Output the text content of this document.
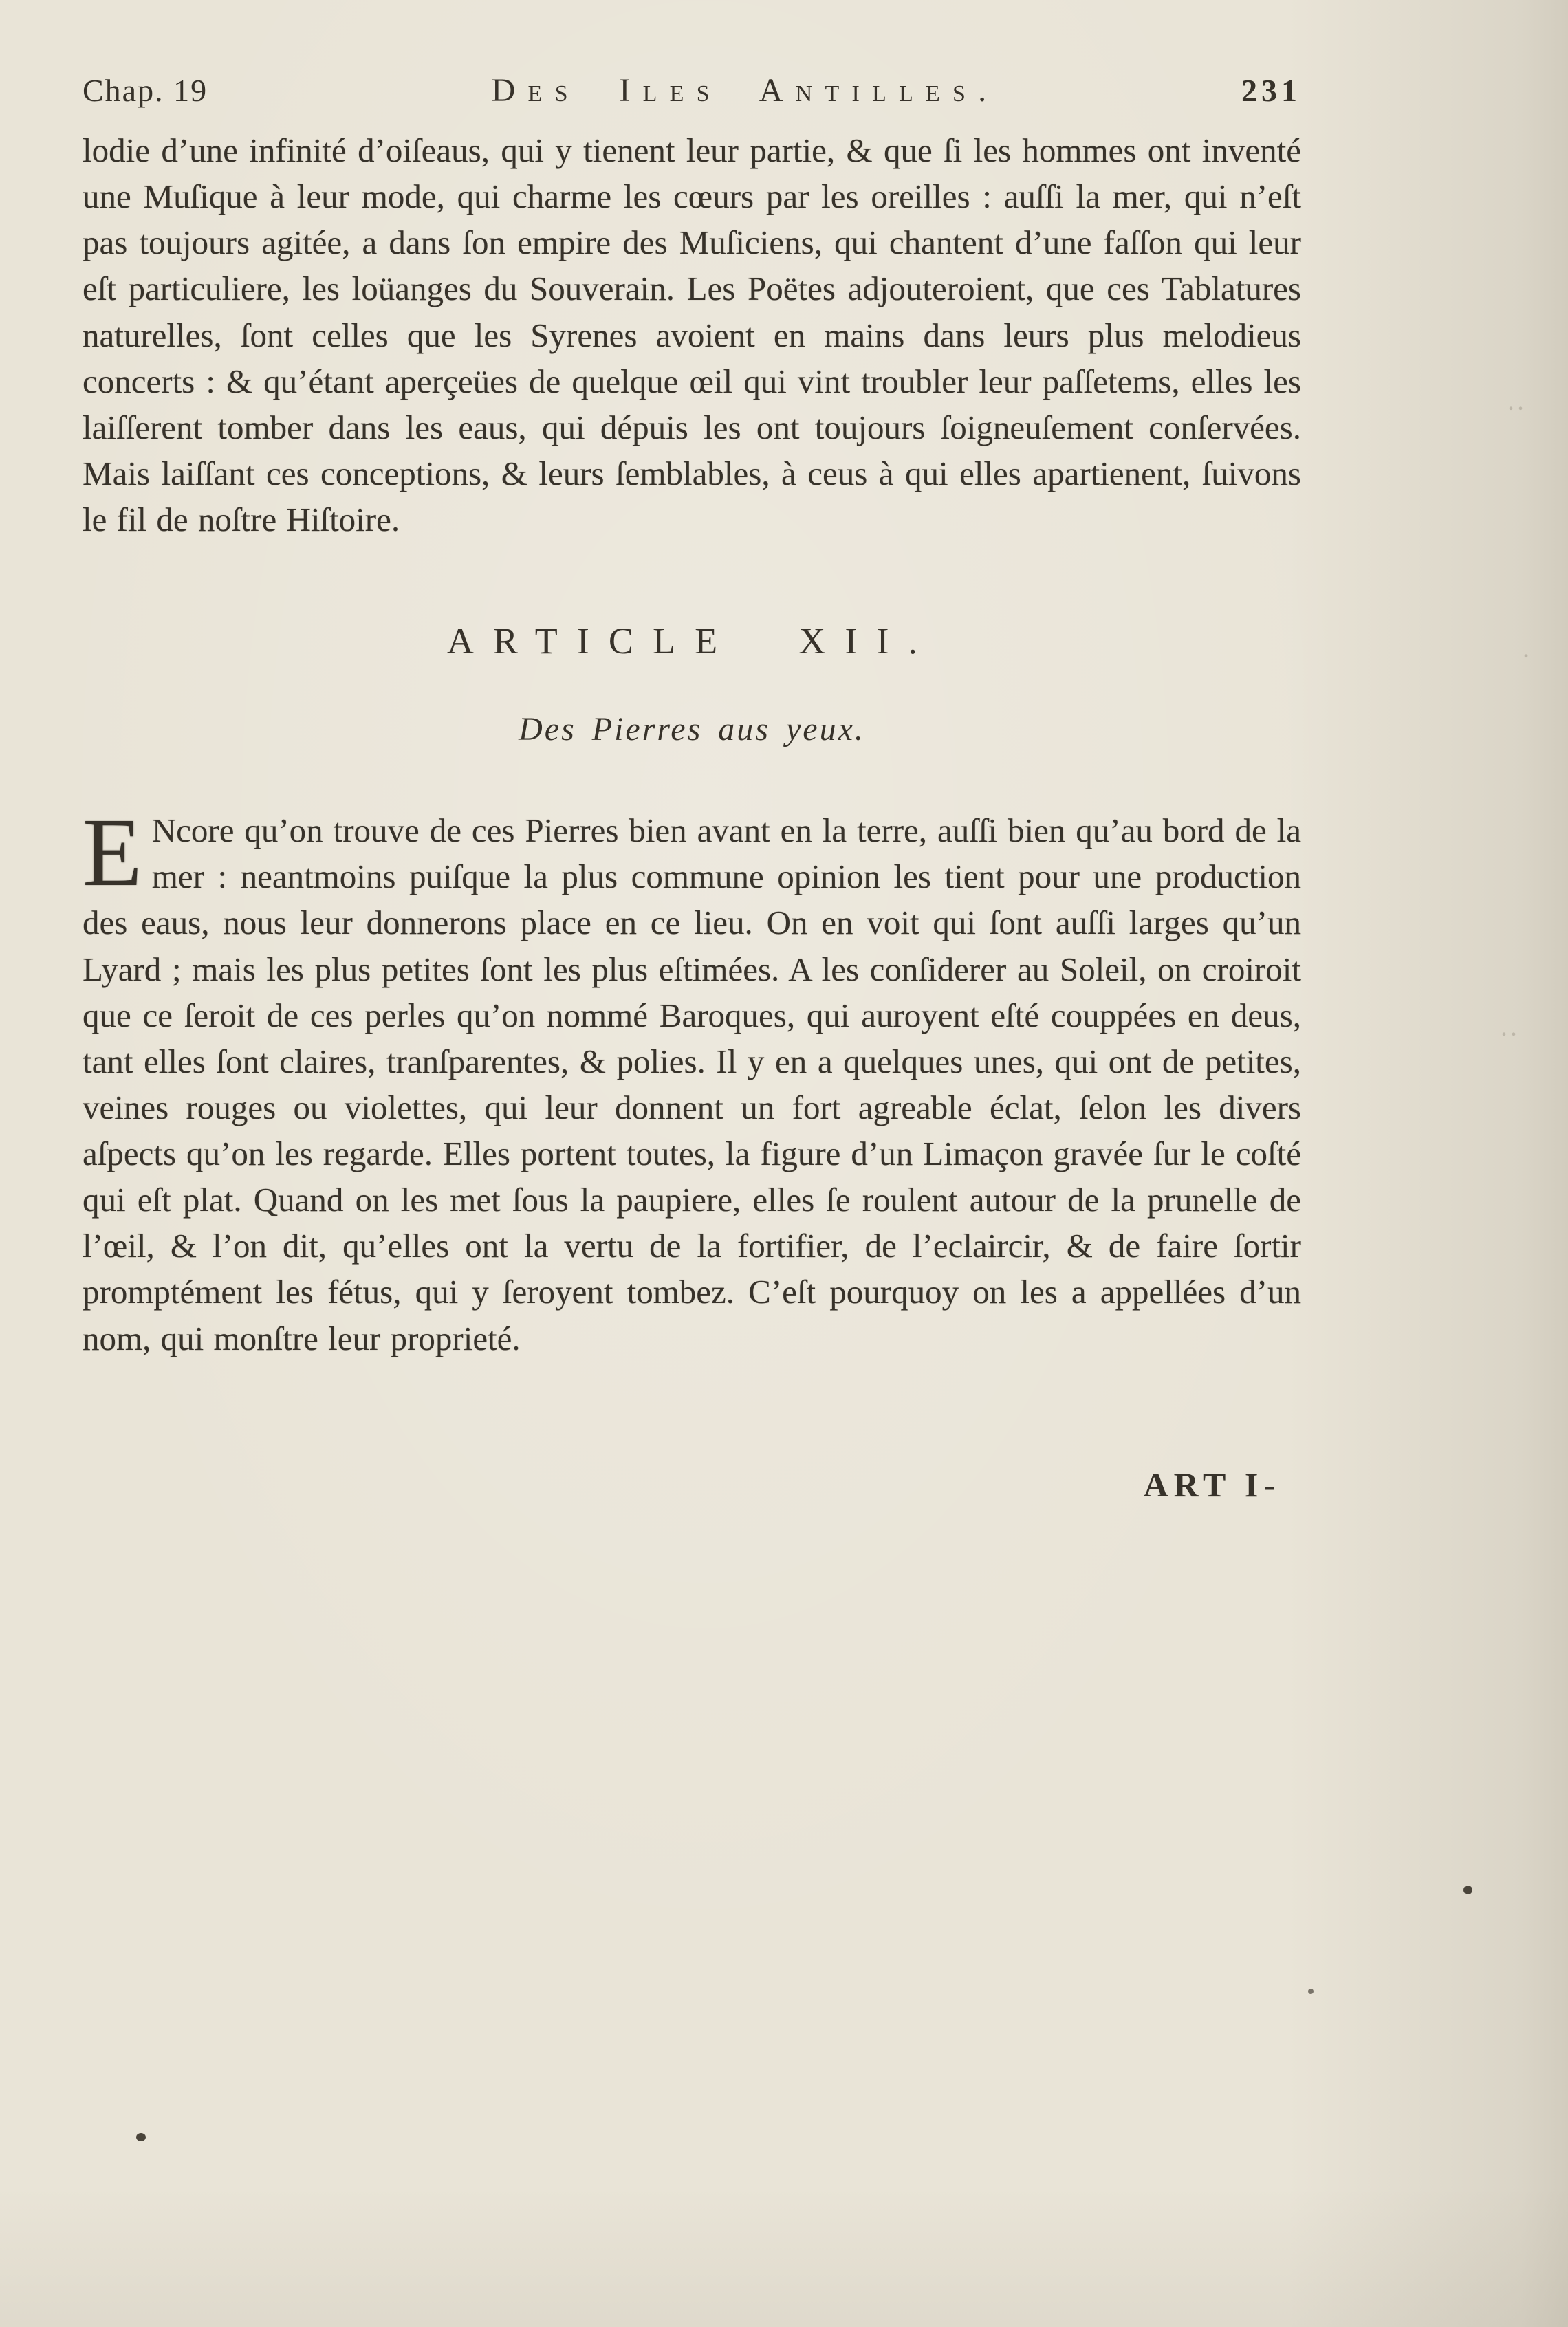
Chap. 19	Des Iles Antilles.	231

lodie d’une infinité d’oiſeaus, qui y tienent leur partie, & que ſi les hommes ont inventé une Muſique à leur mode, qui charme les cœurs par les oreilles : auſſi la mer, qui n’eſt pas toujours agitée, a dans ſon empire des Muſiciens, qui chantent d’une faſſon qui leur eſt particuliere, les loüanges du Souverain. Les Poëtes adjouteroient, que ces Tablatures naturelles, ſont celles que les Syrenes avoient en mains dans leurs plus melodieus concerts : & qu’étant aperçeües de quelque œil qui vint troubler leur paſſetems, elles les laiſſerent tomber dans les eaus, qui dépuis les ont toujours ſoigneuſement conſervées. Mais laiſſant ces conceptions, & leurs ſemblables, à ceus à qui elles apartienent, ſuivons le fil de noſtre Hiſtoire.

ARTICLE XII.
Des Pierres aus yeux.

E Ncore qu’on trouve de ces Pierres bien avant en la terre, auſſi bien qu’au bord de la mer : neantmoins puiſque la plus commune opinion les tient pour une production des eaus, nous leur donnerons place en ce lieu. On en voit qui ſont auſſi larges qu’un Lyard ; mais les plus petites ſont les plus eſtimées. A les conſiderer au Soleil, on croiroit que ce ſeroit de ces perles qu’on nommé Baroques, qui auroyent eſté couppées en deus, tant elles ſont claires, tranſparentes, & polies. Il y en a quelques unes, qui ont de petites, veines rouges ou violettes, qui leur donnent un fort agreable éclat, ſelon les divers aſpects qu’on les regarde. Elles portent toutes, la figure d’un Limaçon gravée ſur le coſté qui eſt plat. Quand on les met ſous la paupiere, elles ſe roulent autour de la prunelle de l’œil, & l’on dit, qu’elles ont la vertu de la fortifier, de l’eclaircir, & de faire ſortir promptément les fétus, qui y ſeroyent tombez. C’eſt pourquoy on les a appellées d’un nom, qui monſtre leur proprieté.

ART I-
∙∙
∙
∙∙
